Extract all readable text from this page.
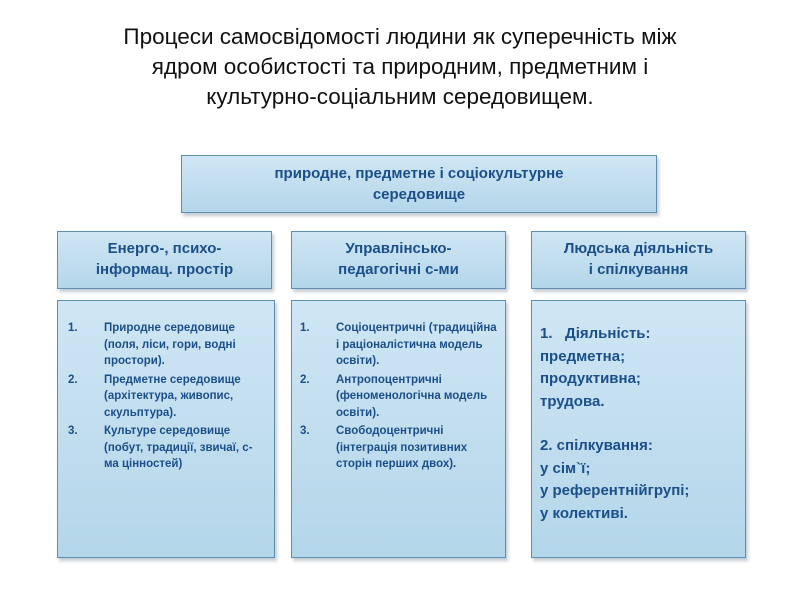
Процеси самосвідомості людини як суперечність між
ядром особистості та природним, предметним і
культурно-соціальним середовищем.
природне, предметне і соціокультурне
середовище
Енерго-, психо-
інформац. простір
Управлінсько-
педагогічні с-ми
Людська діяльність
і спілкування
1. Природне середовище (поля, ліси, гори, водні простори).
2. Предметне середовище (архітектура, живопис, скульптура).
3. Культуре середовище (побут, традиції, звичаї, с-ма цінностей)
1. Соціоцентричні (традиційна і раціоналістична модель освіти).
2. Антропоцентричні (феноменологічна модель освіти).
3. Свободоцентричні (інтеграція позитивних сторін перших двох).
1. Діяльність:
предметна;
продуктивна;
трудова.
2. спілкування:
у сім`ї;
у референтнійгрупі;
у колективі.
